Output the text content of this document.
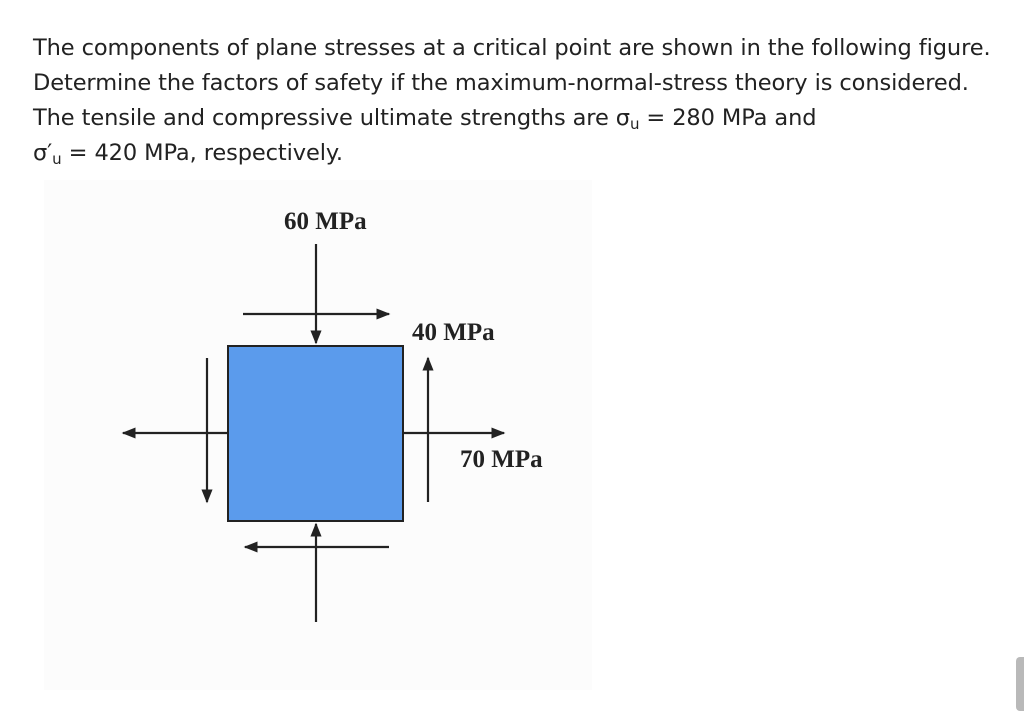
The components of plane stresses at a critical point are shown in the following figure. Determine the factors of safety if the maximum-normal-stress theory is considered. The tensile and compressive ultimate strengths are $\sigma_u = 280$ MPa and
$\sigma'_u = 420$ MPa, respectively.

60 MPa
40 MPa
70 MPa
